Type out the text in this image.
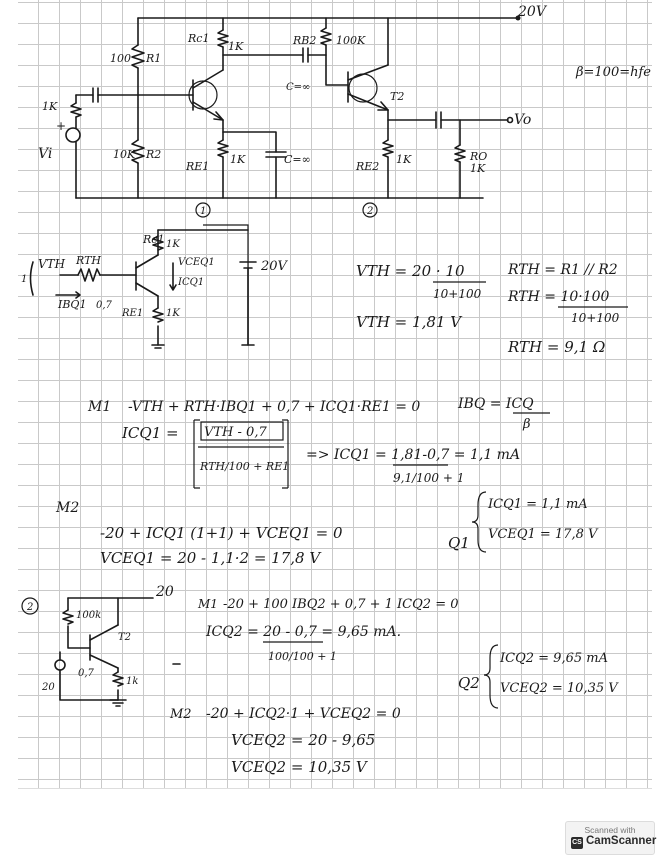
20V
β=100=hfe
Rc1
1K	RB2 100K
100 R1
1K
+
Vi	10K R2
RE1
1K	C=∞
C=∞
T2
Vo
RE2
1K	RO
1K
1	2
VTH RTH
Rc1 1K
VCEQ1
ICQ1
20V
IBQ1 0,7
RE1 1K
1	VTH = 20 · 10
10+100
VTH = 1,81 V
RTH = R1 // R2
RTH = 10·100
10+100
RTH = 9,1 Ω
M1 -VTH + RTH·IBQ1 + 0,7 + ICQ1·RE1 = 0	IBQ = ICQ
β
ICQ1 = VTH - 0,7
RTH/100 + RE1
=> ICQ1 = 1,81-0,7 = 1,1 mA
9,1/100 + 1
M2
-20 + ICQ1 (1+1) + VCEQ1 = 0
VCEQ1 = 20 - 1,1·2 = 17,8 V
Q1
ICQ1 = 1,1 mA
VCEQ1 = 17,8 V
2
20
100k
T2
0,7
20
1k
M1 -20 + 100 IBQ2 + 0,7 + 1 ICQ2 = 0
ICQ2 = 20 - 0,7 = 9,65 mA.
100/100 + 1
M2 -20 + ICQ2·1 + VCEQ2 = 0
VCEQ2 = 20 - 9,65
VCEQ2 = 10,35 V
Q2
ICQ2 = 9,65 mA
VCEQ2 = 10,35 V
Scanned with
CS CamScanner
